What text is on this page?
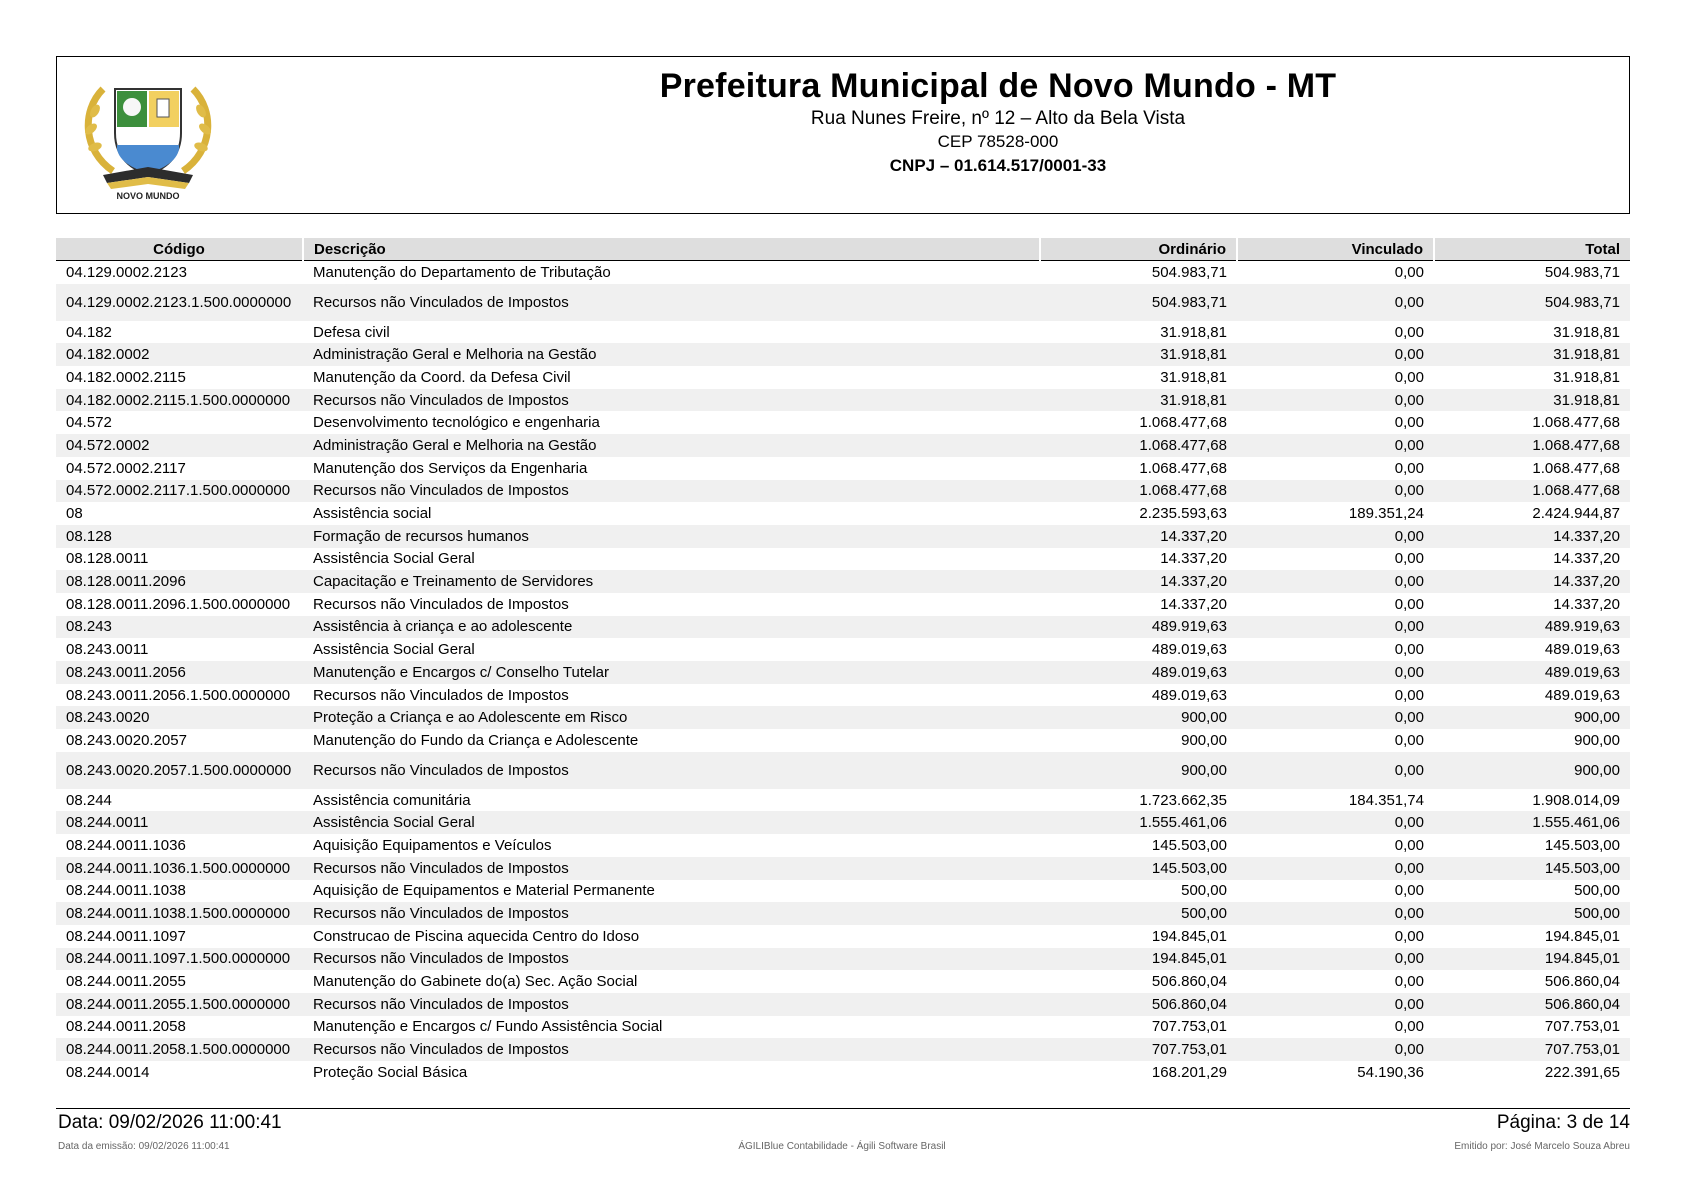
NOVO MUNDO
Prefeitura Municipal de Novo Mundo - MT
Rua Nunes Freire, nº 12 – Alto da Bela Vista
CEP 78528-000
CNPJ – 01.614.517/0001-33
Código	Descrição	Ordinário	Vinculado	Total
04.129.0002.2123	Manutenção do Departamento de Tributação	504.983,71	0,00	504.983,71
04.129.0002.2123.1.500.0000000	Recursos não Vinculados de Impostos	504.983,71	0,00	504.983,71
04.182	Defesa civil	31.918,81	0,00	31.918,81
04.182.0002	Administração Geral e Melhoria na Gestão	31.918,81	0,00	31.918,81
04.182.0002.2115	Manutenção da Coord. da Defesa Civil	31.918,81	0,00	31.918,81
04.182.0002.2115.1.500.0000000	Recursos não Vinculados de Impostos	31.918,81	0,00	31.918,81
04.572	Desenvolvimento tecnológico e engenharia	1.068.477,68	0,00	1.068.477,68
04.572.0002	Administração Geral e Melhoria na Gestão	1.068.477,68	0,00	1.068.477,68
04.572.0002.2117	Manutenção dos Serviços da Engenharia	1.068.477,68	0,00	1.068.477,68
04.572.0002.2117.1.500.0000000	Recursos não Vinculados de Impostos	1.068.477,68	0,00	1.068.477,68
08	Assistência social	2.235.593,63	189.351,24	2.424.944,87
08.128	Formação de recursos humanos	14.337,20	0,00	14.337,20
08.128.0011	Assistência Social Geral	14.337,20	0,00	14.337,20
08.128.0011.2096	Capacitação e Treinamento de Servidores	14.337,20	0,00	14.337,20
08.128.0011.2096.1.500.0000000	Recursos não Vinculados de Impostos	14.337,20	0,00	14.337,20
08.243	Assistência à criança e ao adolescente	489.919,63	0,00	489.919,63
08.243.0011	Assistência Social Geral	489.019,63	0,00	489.019,63
08.243.0011.2056	Manutenção e Encargos c/ Conselho Tutelar	489.019,63	0,00	489.019,63
08.243.0011.2056.1.500.0000000	Recursos não Vinculados de Impostos	489.019,63	0,00	489.019,63
08.243.0020	Proteção a Criança e ao Adolescente em Risco	900,00	0,00	900,00
08.243.0020.2057	Manutenção do Fundo da Criança e Adolescente	900,00	0,00	900,00
08.243.0020.2057.1.500.0000000	Recursos não Vinculados de Impostos	900,00	0,00	900,00
08.244	Assistência comunitária	1.723.662,35	184.351,74	1.908.014,09
08.244.0011	Assistência Social Geral	1.555.461,06	0,00	1.555.461,06
08.244.0011.1036	Aquisição Equipamentos e Veículos	145.503,00	0,00	145.503,00
08.244.0011.1036.1.500.0000000	Recursos não Vinculados de Impostos	145.503,00	0,00	145.503,00
08.244.0011.1038	Aquisição de Equipamentos e Material Permanente	500,00	0,00	500,00
08.244.0011.1038.1.500.0000000	Recursos não Vinculados de Impostos	500,00	0,00	500,00
08.244.0011.1097	Construcao de Piscina aquecida Centro do Idoso	194.845,01	0,00	194.845,01
08.244.0011.1097.1.500.0000000	Recursos não Vinculados de Impostos	194.845,01	0,00	194.845,01
08.244.0011.2055	Manutenção do Gabinete do(a) Sec. Ação Social	506.860,04	0,00	506.860,04
08.244.0011.2055.1.500.0000000	Recursos não Vinculados de Impostos	506.860,04	0,00	506.860,04
08.244.0011.2058	Manutenção e Encargos c/ Fundo Assistência Social	707.753,01	0,00	707.753,01
08.244.0011.2058.1.500.0000000	Recursos não Vinculados de Impostos	707.753,01	0,00	707.753,01
08.244.0014	Proteção Social Básica	168.201,29	54.190,36	222.391,65
Data: 09/02/2026 11:00:41	Página: 3 de 14
Data da emissão: 09/02/2026 11:00:41	ÁGILIBlue Contabilidade - Ágili Software Brasil	Emitido por: José Marcelo Souza Abreu
